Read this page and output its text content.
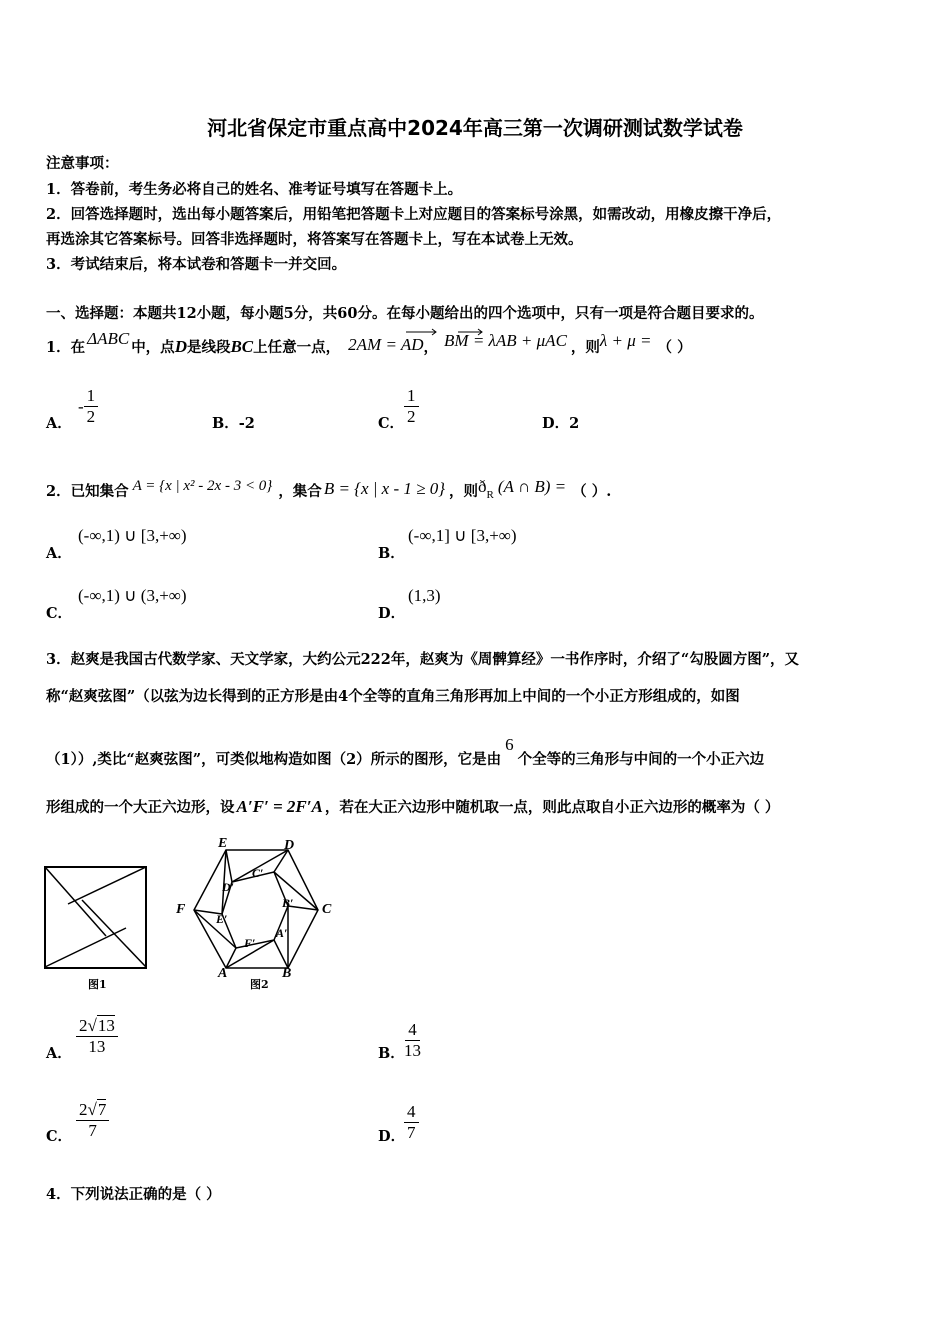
河北省保定市重点高中2024年高三第一次调研测试数学试卷
注意事项：
1．答卷前，考生务必将自己的姓名、准考证号填写在答题卡上。
2．回答选择题时，选出每小题答案后，用铅笔把答题卡上对应题目的答案标号涂黑，如需改动，用橡皮擦干净后，
再选涂其它答案标号。回答非选择题时，将答案写在答题卡上，写在本试卷上无效。
3．考试结束后，将本试卷和答题卡一并交回。
一、选择题：本题共12小题，每小题5分，共60分。在每小题给出的四个选项中，只有一项是符合题目要求的。
1．在 ΔABC 中，点 D 是线段 BC 上任意一点， 2AM = AD ， BM = λAB + μAC ，则 λ + μ = （ ）
A．
- $\frac{1}{2}$	B．-2	C． $\frac{1}{2}$	D．2
2．已知集合 A = {x | x² - 2x - 3 < 0} ，集合 B = {x | x - 1 ≥ 0} ，则 ð R (A ∩ B) = （ ）.
A．
(-∞,1) ∪ [3,+∞)
B．
(-∞,1] ∪ [3,+∞)
C．
(-∞,1) ∪ (3,+∞)
D．
(1,3)
3．赵爽是我国古代数学家、天文学家，大约公元222年，赵爽为《周髀算经》一书作序时，介绍了“勾股圆方图”，又
称“赵爽弦图”（以弦为边长得到的正方形是由4个全等的直角三角形再加上中间的一个小正方形组成的，如图
（1））,类比“赵爽弦图”，可类似地构造如图（2）所示的图形，它是由
6
个全等的三角形与中间的一个小正六边
形组成的一个大正六边形，设 A′F′ = 2F′A ，若在大正六边形中随机取一点，则此点取自小正六边形的概率为（ ）
图1
E	D
C
B
A
F
C′
D′
B′
E′
A′
F′
图2
A． $\frac{2√13}{13}$	B． $\frac{4}{13}$
C． $\frac{2√7}{7}$	D．
$\frac{4}{7}$
4．下列说法正确的是（ ）
